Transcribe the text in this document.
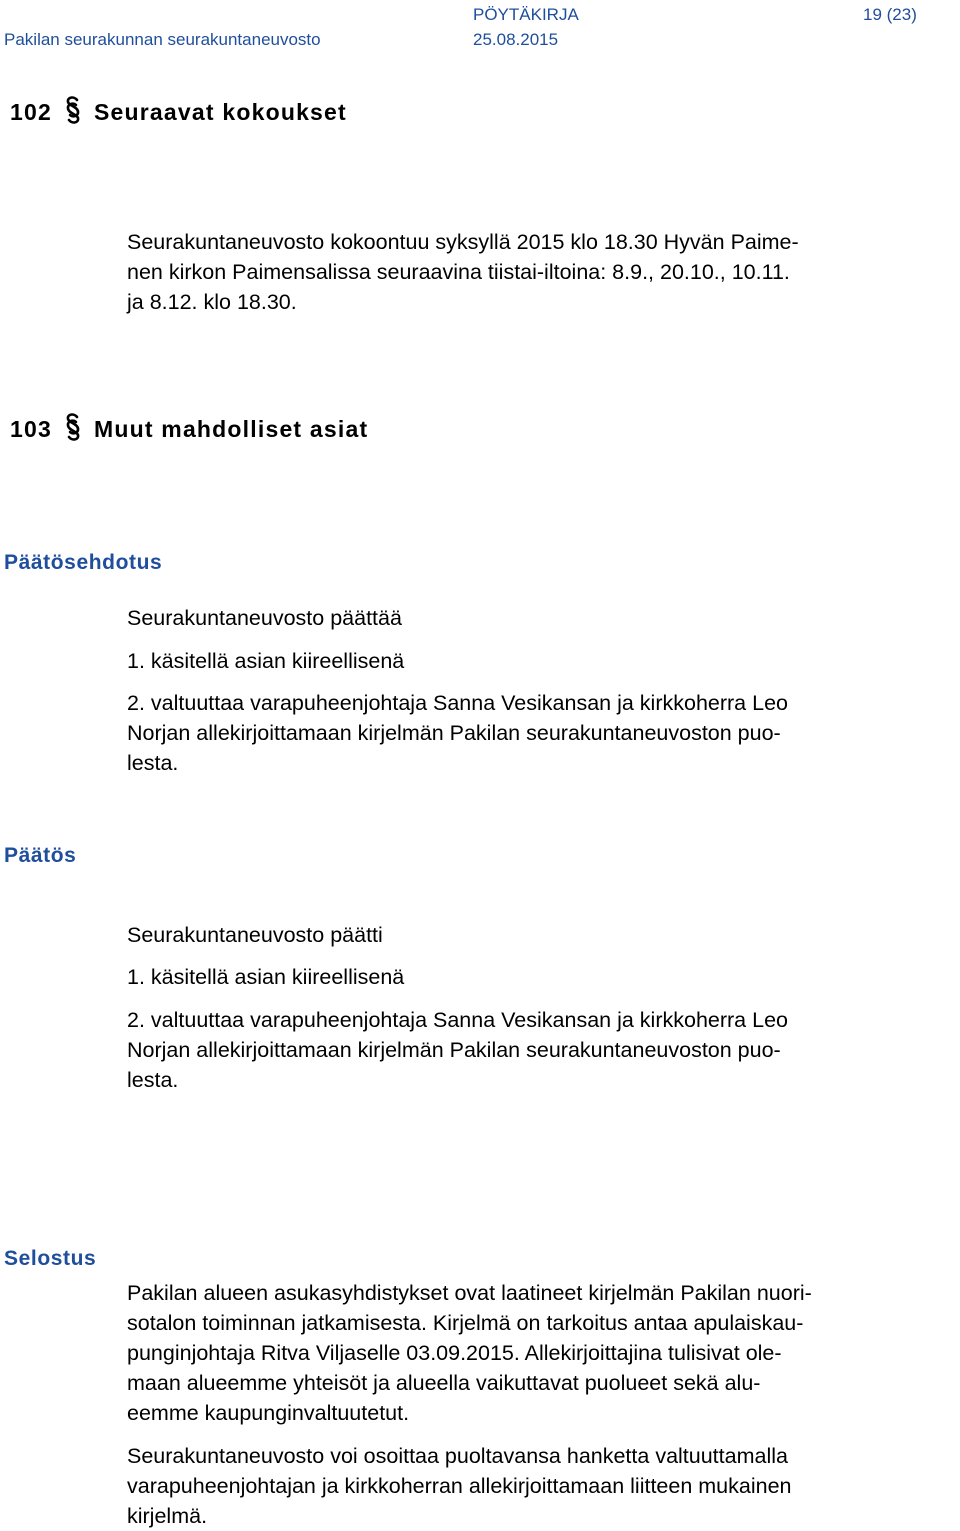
PÖYTÄKIRJA	19 (23)
Pakilan seurakunnan seurakuntaneuvosto	25.08.2015
102 Seuraavat kokoukset
Seurakuntaneuvosto kokoontuu syksyllä 2015 klo 18.30 Hyvän Paime-
nen kirkon Paimensalissa seuraavina tiistai-iltoina: 8.9., 20.10., 10.11.
ja 8.12. klo 18.30.
103 Muut mahdolliset asiat
Päätösehdotus
Seurakuntaneuvosto päättää
1. käsitellä asian kiireellisenä
2. valtuuttaa varapuheenjohtaja Sanna Vesikansan ja kirkkoherra Leo
Norjan allekirjoittamaan kirjelmän Pakilan seurakuntaneuvoston puo-
lesta.
Päätös
Seurakuntaneuvosto päätti
1. käsitellä asian kiireellisenä
2. valtuuttaa varapuheenjohtaja Sanna Vesikansan ja kirkkoherra Leo
Norjan allekirjoittamaan kirjelmän Pakilan seurakuntaneuvoston puo-
lesta.
Selostus
Pakilan alueen asukasyhdistykset ovat laatineet kirjelmän Pakilan nuori-
sotalon toiminnan jatkamisesta. Kirjelmä on tarkoitus antaa apulaiskau-
punginjohtaja Ritva Viljaselle 03.09.2015. Allekirjoittajina tulisivat ole-
maan alueemme yhteisöt ja alueella vaikuttavat puolueet sekä alu-
eemme kaupunginvaltuutetut.
Seurakuntaneuvosto voi osoittaa puoltavansa hanketta valtuuttamalla
varapuheenjohtajan ja kirkkoherran allekirjoittamaan liitteen mukainen
kirjelmä.
